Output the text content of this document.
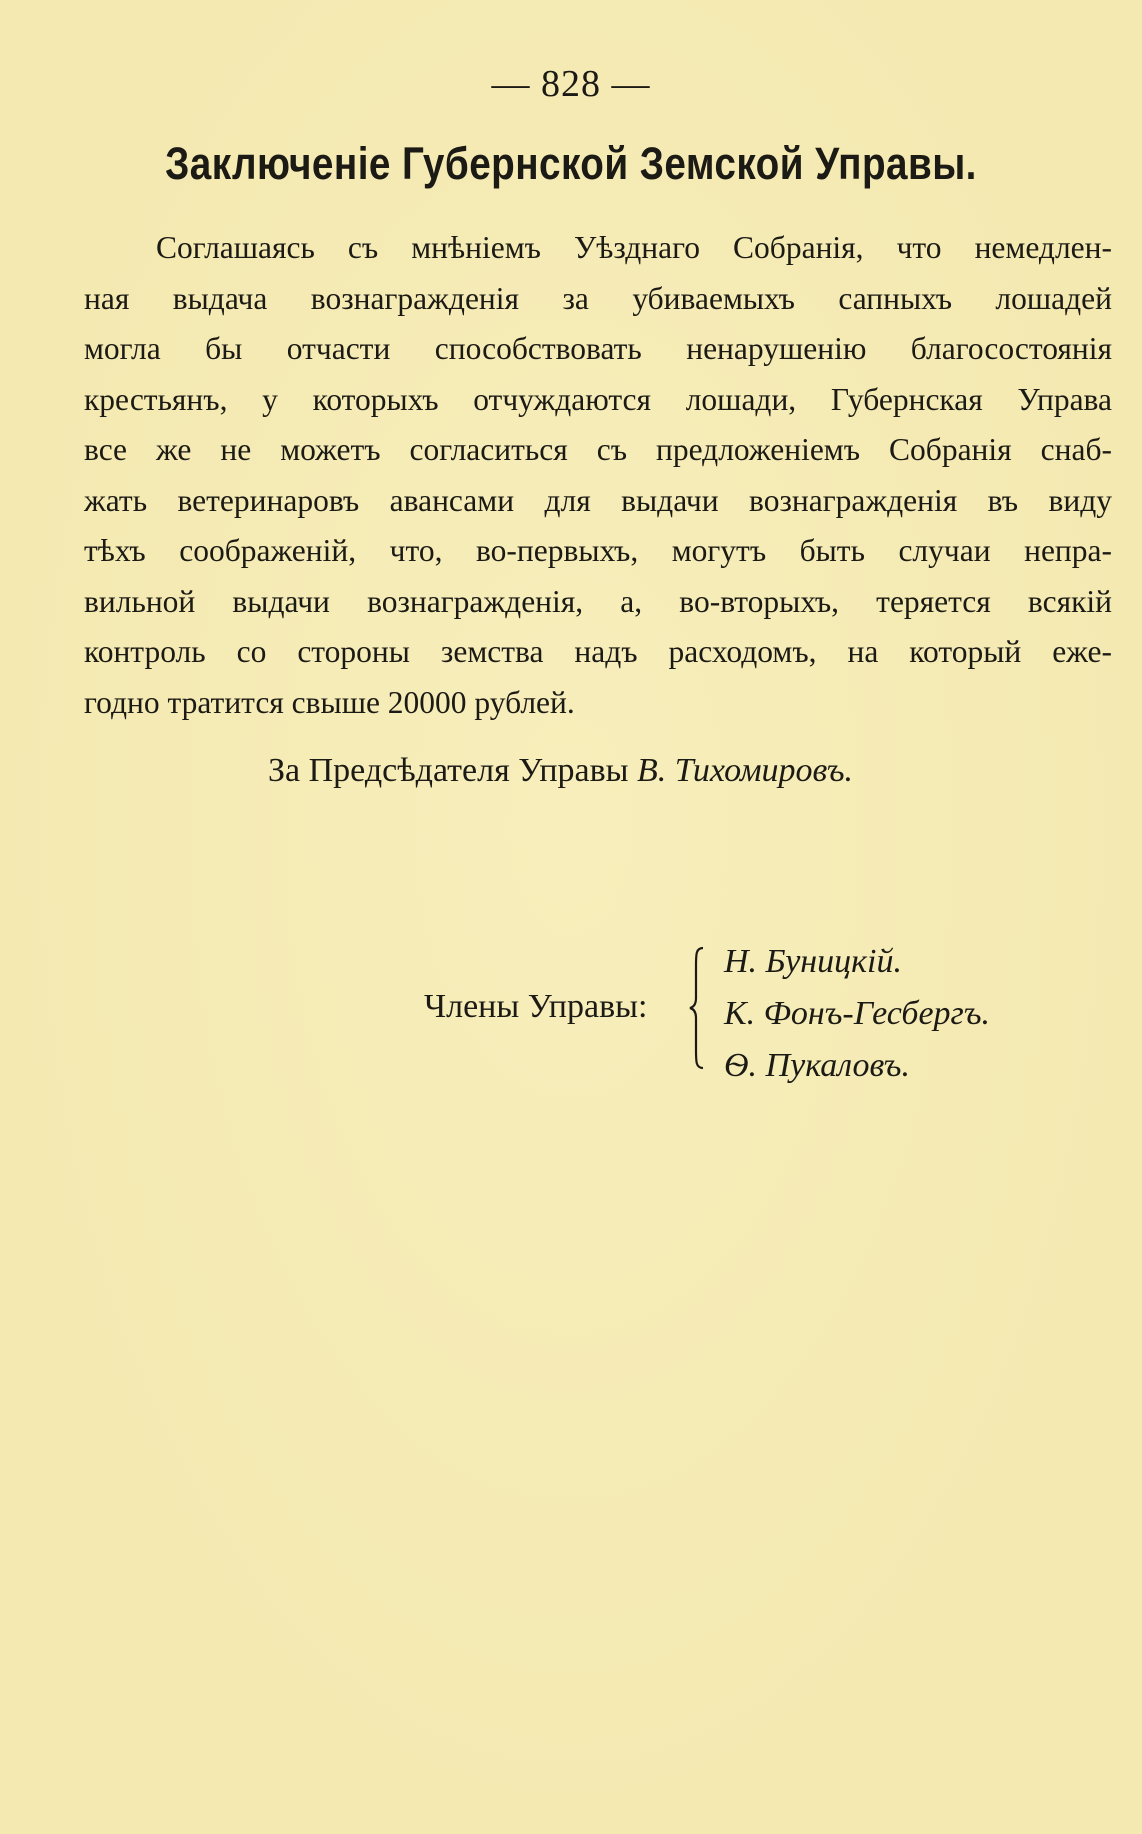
— 828 —
Заключеніе Губернской Земской Управы.
Соглашаясь съ мнѣніемъ Уѣзднаго Собранія, что немедлен-
ная выдача вознагражденія за убиваемыхъ сапныхъ лошадей
могла бы отчасти способствовать ненарушенію благосостоянія
крестьянъ, у которыхъ отчуждаются лошади, Губернская Управа
все же не можетъ согласиться съ предложеніемъ Собранія снаб-
жать ветеринаровъ авансами для выдачи вознагражденія въ виду
тѣхъ соображеній, что, во-первыхъ, могутъ быть случаи непра-
вильной выдачи вознагражденія, а, во-вторыхъ, теряется всякій
контроль со стороны земства надъ расходомъ, на который еже-
годно тратится свыше 20000 рублей.
За Предсѣдателя Управы В. Тихомировъ.
Члены Управы:
Н. Буницкій.
К. Фонъ-Гесбергъ.
Ѳ. Пукаловъ.
